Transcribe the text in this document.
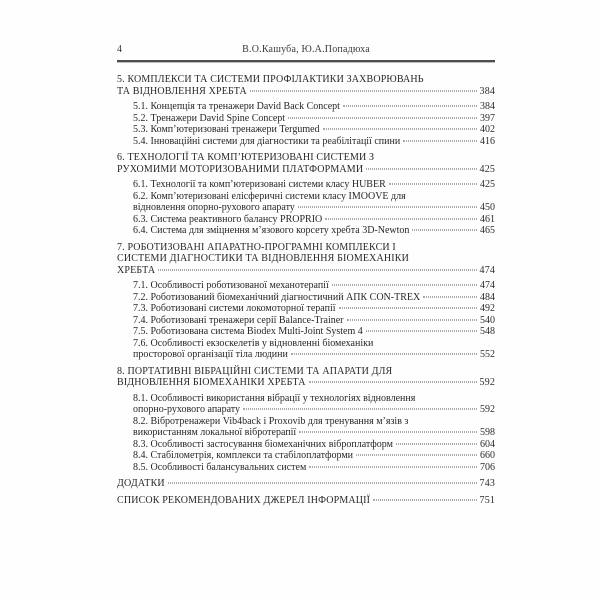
4	В.О.Кашуба, Ю.А.Попадюха
5. КОМПЛЕКСИ ТА СИСТЕМИ ПРОФІЛАКТИКИ ЗАХВОРЮВАНЬ
ТА ВІДНОВЛЕННЯ ХРЕБТА	384
5.1. Концепція та тренажери David Back Concept	384
5.2. Тренажери David Spine Concept	397
5.3. Комп’ютеризовані тренажери Tergumed	402
5.4. Інноваційні системи для діагностики та реабілітації спини	416
6. ТЕХНОЛОГІЇ ТА КОМП’ЮТЕРИЗОВАНІ СИСТЕМИ З
РУХОМИМИ МОТОРИЗОВАНИМИ ПЛАТФОРМАМИ	425
6.1. Технології та комп’ютеризовані системи класу HUBER	425
6.2. Комп’ютеризовані елісферичні системи класу IMOOVE для
відновлення опорно-рухового апарату	450
6.3. Система реактивного балансу PROPRIO	461
6.4. Система для зміцнення м’язового корсету хребта 3D-Newton	465
7. РОБОТИЗОВАНІ АПАРАТНО-ПРОГРАМНІ КОМПЛЕКСИ І
СИСТЕМИ ДІАГНОСТИКИ ТА ВІДНОВЛЕННЯ БІОМЕХАНІКИ
ХРЕБТА	474
7.1. Особливості роботизованої механотерапії	474
7.2. Роботизований біомеханічний діагностичний АПК CON-TREX	484
7.3. Роботизовані системи локомоторної терапії	492
7.4. Роботизовані тренажери серії Balance-Trainer	540
7.5. Роботизована система Biodex Multi-Joint System 4	548
7.6. Особливості екзоскелетів у відновленні біомеханіки
просторової організації тіла людини	552
8. ПОРТАТИВНІ ВІБРАЦІЙНІ СИСТЕМИ ТА АПАРАТИ ДЛЯ
ВІДНОВЛЕННЯ БІОМЕХАНІКИ ХРЕБТА	592
8.1. Особливості використання вібрації у технологіях відновлення
опорно-рухового апарату	592
8.2. Вібротренажери Vib4back і Proxovib для тренування м’язів з
використанням локальної вібротерапії	598
8.3. Особливості застосування біомеханічних віброплатформ	604
8.4. Стабілометрія, комплекси та стабілоплатформи	660
8.5. Особливості балансувальних систем	706
ДОДАТКИ	743
СПИСОК РЕКОМЕНДОВАНИХ ДЖЕРЕЛ ІНФОРМАЦІЇ	751
